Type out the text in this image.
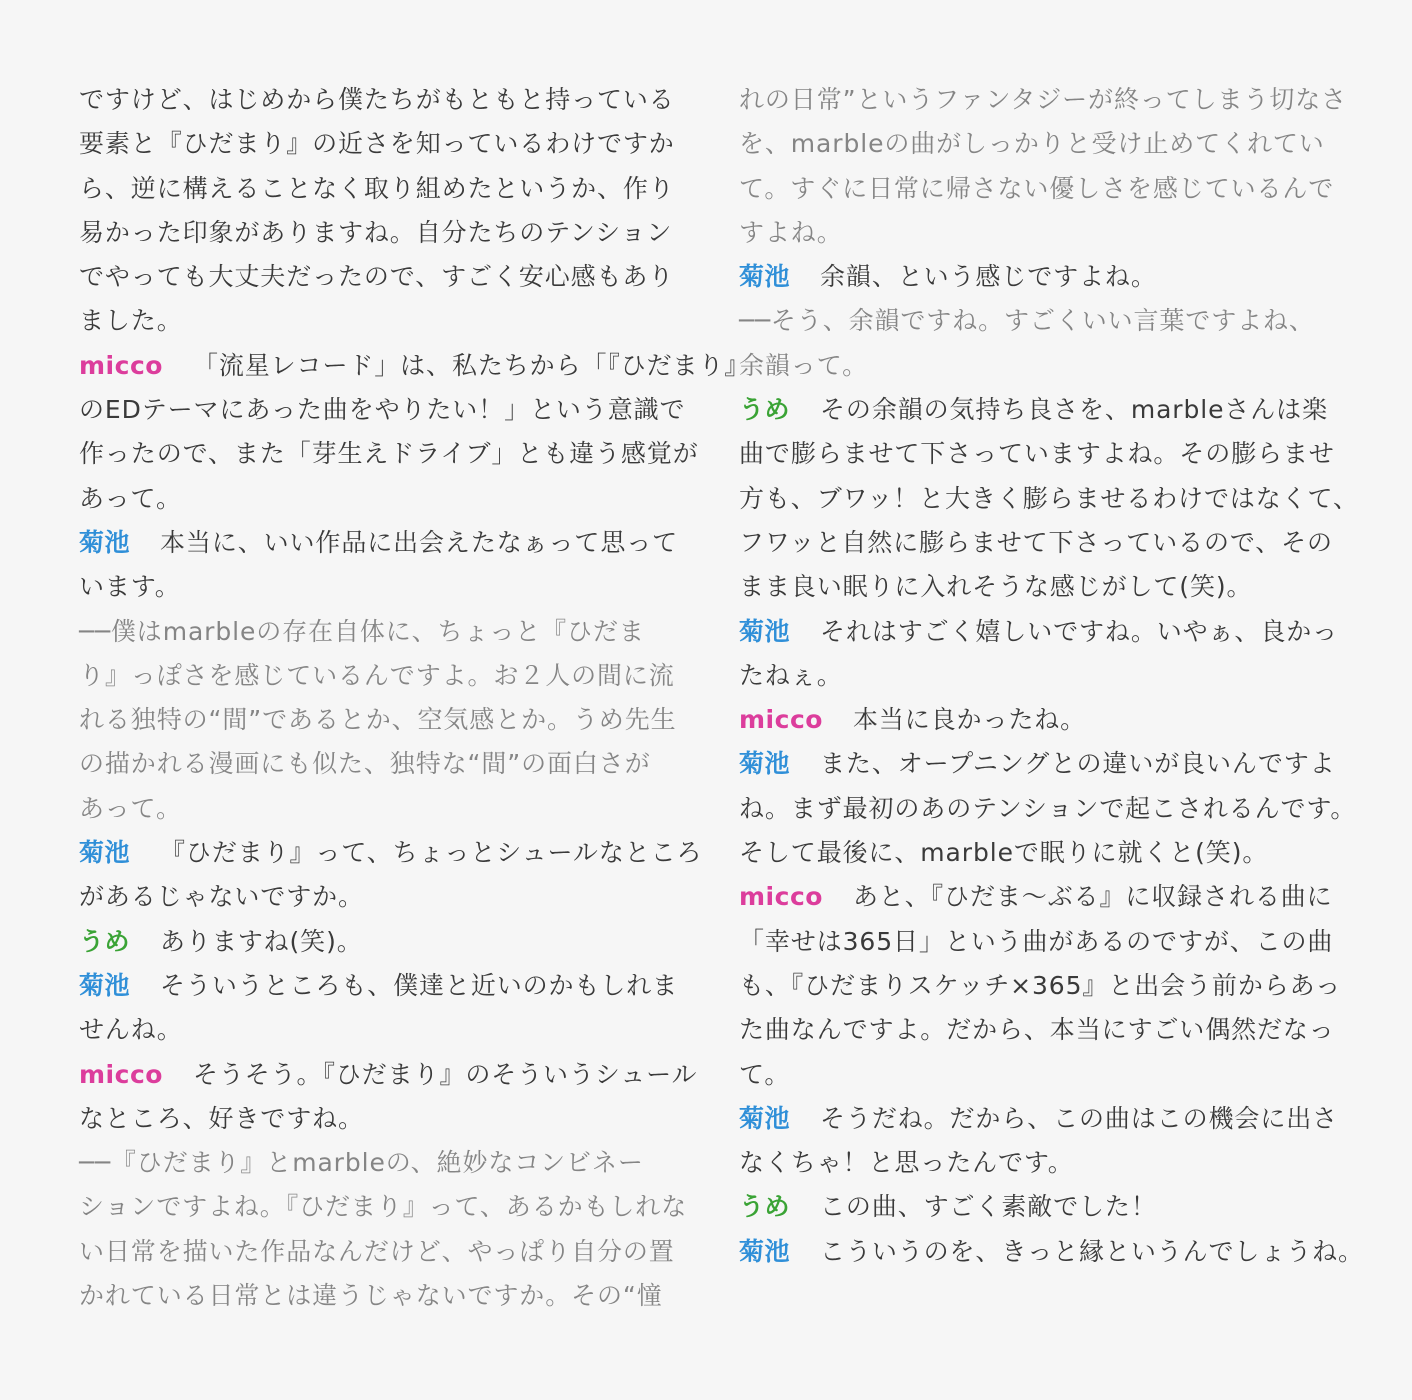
ですけど、はじめから僕たちがもともと持っている
要素と『ひだまり』の近さを知っているわけですか
ら、逆に構えることなく取り組めたというか、作り
易かった印象がありますね。自分たちのテンション
でやっても大丈夫だったので、すごく安心感もあり
ました。
micco 「流星レコード」は、私たちから「『ひだまり』
のEDテーマにあった曲をやりたい！」という意識で
作ったので、また「芽生えドライブ」とも違う感覚が
あって。
菊池 本当に、いい作品に出会えたなぁって思って
います。
──僕はmarbleの存在自体に、ちょっと『ひだま
り』っぽさを感じているんですよ。お２人の間に流
れる独特の“間”であるとか、空気感とか。うめ先生
の描かれる漫画にも似た、独特な“間”の面白さが
あって。
菊池 『ひだまり』って、ちょっとシュールなところ
があるじゃないですか。
うめ ありますね(笑)。
菊池 そういうところも、僕達と近いのかもしれま
せんね。
micco そうそう。『ひだまり』のそういうシュール
なところ、好きですね。
──『ひだまり』とmarbleの、絶妙なコンビネー
ションですよね。『ひだまり』って、あるかもしれな
い日常を描いた作品なんだけど、やっぱり自分の置
かれている日常とは違うじゃないですか。その“憧
れの日常”というファンタジーが終ってしまう切なさ
を、marbleの曲がしっかりと受け止めてくれてい
て。すぐに日常に帰さない優しさを感じているんで
すよね。
菊池 余韻、という感じですよね。
──そう、余韻ですね。すごくいい言葉ですよね、
余韻って。
うめ その余韻の気持ち良さを、marbleさんは楽
曲で膨らませて下さっていますよね。その膨らませ
方も、ブワッ！と大きく膨らませるわけではなくて、
フワッと自然に膨らませて下さっているので、その
まま良い眠りに入れそうな感じがして(笑)。
菊池 それはすごく嬉しいですね。いやぁ、良かっ
たねぇ。
micco 本当に良かったね。
菊池 また、オープニングとの違いが良いんですよ
ね。まず最初のあのテンションで起こされるんです。
そして最後に、marbleで眠りに就くと(笑)。
micco あと、『ひだま〜ぶる』に収録される曲に
「幸せは365日」という曲があるのですが、この曲
も、『ひだまりスケッチ×365』と出会う前からあっ
た曲なんですよ。だから、本当にすごい偶然だなっ
て。
菊池 そうだね。だから、この曲はこの機会に出さ
なくちゃ！と思ったんです。
うめ この曲、すごく素敵でした！
菊池 こういうのを、きっと縁というんでしょうね。
